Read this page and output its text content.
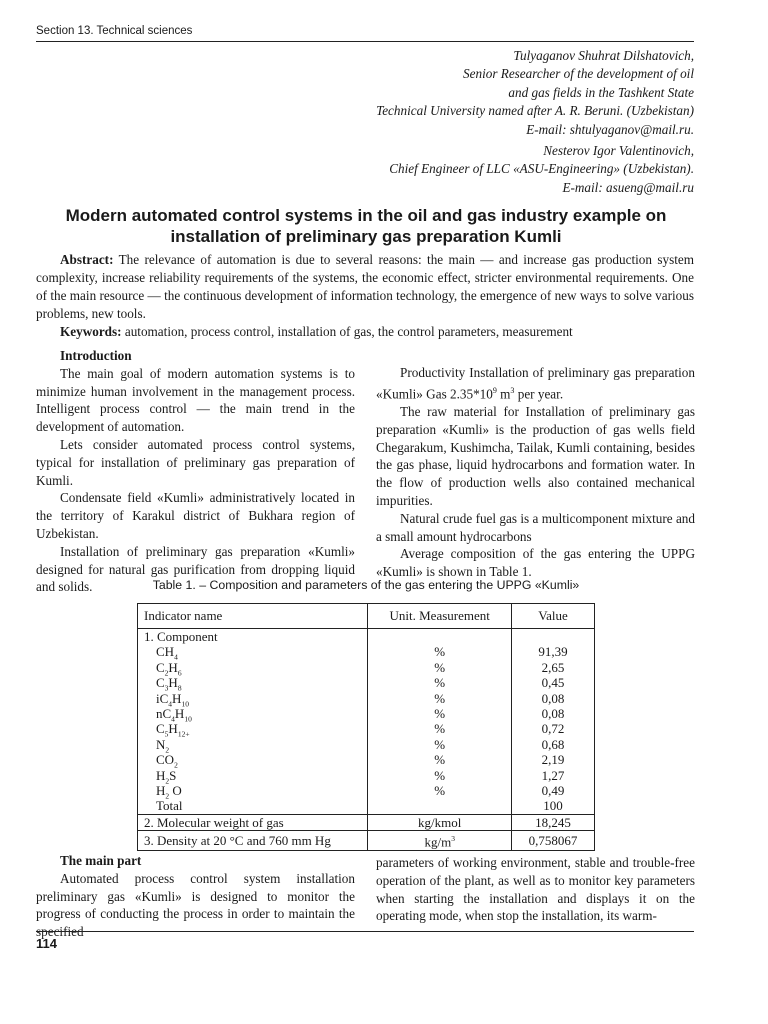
Section 13. Technical sciences
Tulyaganov Shuhrat Dilshatovich,
Senior Researcher of the development of oil
and gas fields in the Tashkent State
Technical University named after A. R. Beruni. (Uzbekistan)
E-mail: shtulyaganov@mail.ru.
Nesterov Igor Valentinovich,
Chief Engineer of LLC «ASU-Engineering» (Uzbekistan).
E-mail: asueng@mail.ru
Modern automated control systems in the oil and gas industry example on installation of preliminary gas preparation Kumli

Abstract: The relevance of automation is due to several reasons: the main — and increase gas production system complexity, increase reliability requirements of the systems, the economic effect, stricter environmental requirements. One of the main resource — the continuous development of information technology, the emergence of new ways to solve various problems, new tools.

Keywords: automation, process control, installation of gas, the control parameters, measurement

Introduction

The main goal of modern automation systems is to minimize human involvement in the management process. Intelligent process control — the main trend in the development of automation.

Lets consider automated process control systems, typical for installation of preliminary gas preparation of Kumli.

Condensate field «Kumli» administratively located in the territory of Karakul district of Bukhara region of Uzbekistan.

Installation of preliminary gas preparation «Kumli» designed for natural gas purification from dropping liquid and solids.

Productivity Installation of preliminary gas preparation «Kumli» Gas $2.35*10^9$ $m^3$ per year.

The raw material for Installation of preliminary gas preparation «Kumli» is the production of gas wells field Chegarakum, Kushimcha, Tailak, Kumli containing, besides the gas phase, liquid hydrocarbons and formation water. In the flow of production wells also contained mechanical impurities.

Natural crude fuel gas is a multicomponent mixture and a small amount hydrocarbons

Average composition of the gas entering the UPPG «Kumli» is shown in Table 1.

Table 1. – Composition and parameters of the gas entering the UPPG «Kumli»
Indicator name	Unit. Measurement	Value
1. Component		
$CH_4$	%	91,39
$C_2H_6$	%	2,65
$C_3H_8$	%	0,45
$iC_4H_{10}$	%	0,08
$nC_4H_{10}$	%	0,08
$C_5H_{12+}$	%	0,72
$N_2$	%	0,68
$CO_2$	%	2,19
$H_2S$	%	1,27
$H_2$ O	%	0,49
Total		100
2. Molecular weight of gas	kg/kmol	18,245
3. Density at 20 °C and 760 mm Hg	$kg/m^3$	0,758067

The main part

Automated process control system installation preliminary gas «Kumli» is designed to monitor the progress of conducting the process in order to maintain the specified

parameters of working environment, stable and trouble-free operation of the plant, as well as to monitor key parameters when starting the installation and displays it on the operating mode, when stop the installation, its warm-

114
